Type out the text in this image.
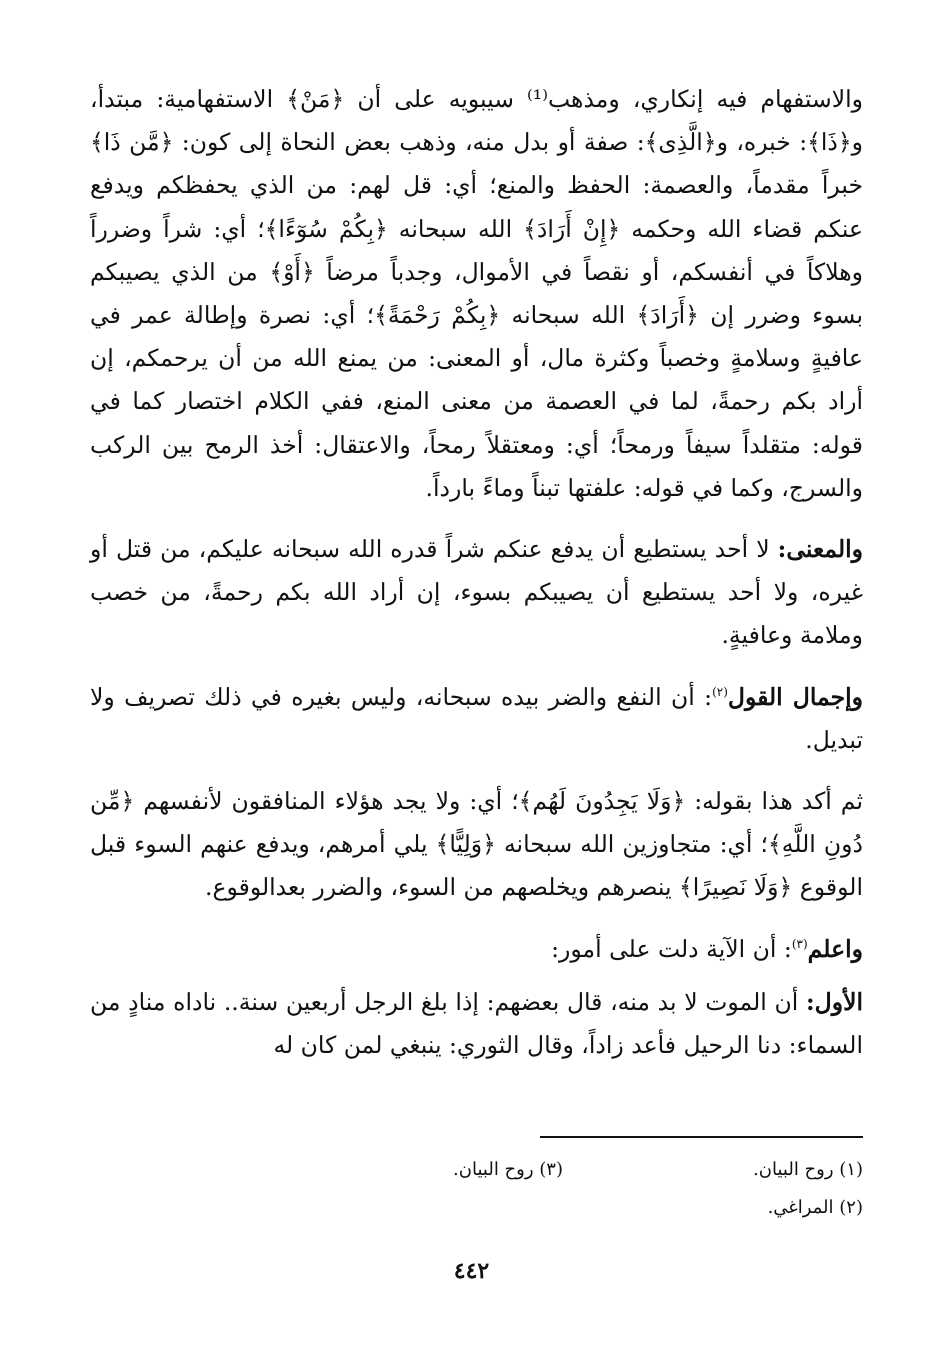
والاستفهام فيه إنكاري، ومذهب⁽¹⁾ سيبويه على أن ﴿مَنْ﴾ الاستفهامية: مبتدأ، و﴿ذَا﴾: خبره، و﴿الَّذِى﴾: صفة أو بدل منه، وذهب بعض النحاة إلى كون: ﴿مَّن ذَا﴾ خبراً مقدماً، والعصمة: الحفظ والمنع؛ أي: قل لهم: من الذي يحفظكم ويدفع عنكم قضاء الله وحكمه ﴿إِنْ أَرَادَ﴾ الله سبحانه ﴿بِكُمْ سُوٓءًا﴾؛ أي: شراً وضرراً وهلاكاً في أنفسكم، أو نقصاً في الأموال، وجدباً مرضاً ﴿أَوْ﴾ من الذي يصيبكم بسوء وضرر إن ﴿أَرَادَ﴾ الله سبحانه ﴿بِكُمْ رَحْمَةً﴾؛ أي: نصرة وإطالة عمر في عافيةٍ وسلامةٍ وخصباً وكثرة مال، أو المعنى: من يمنع الله من أن يرحمكم، إن أراد بكم رحمةً، لما في العصمة من معنى المنع، ففي الكلام اختصار كما في قوله: متقلداً سيفاً ورمحاً؛ أي: ومعتقلاً رمحاً، والاعتقال: أخذ الرمح بين الركب والسرج، وكما في قوله: علفتها تبناً وماءً بارداً.

والمعنى: لا أحد يستطيع أن يدفع عنكم شراً قدره الله سبحانه عليكم، من قتل أو غيره، ولا أحد يستطيع أن يصيبكم بسوء، إن أراد الله بكم رحمةً، من خصب وملامة وعافيةٍ.

وإجمال القول$^{(٢)}$: أن النفع والضر بيده سبحانه، وليس بغيره في ذلك تصريف ولا تبديل.

ثم أكد هذا بقوله: ﴿وَلَا يَجِدُونَ لَهُم﴾؛ أي: ولا يجد هؤلاء المنافقون لأنفسهم ﴿مِّن دُونِ اللَّهِ﴾؛ أي: متجاوزين الله سبحانه ﴿وَلِيًّا﴾ يلي أمرهم، ويدفع عنهم السوء قبل الوقوع ﴿وَلَا نَصِيرًا﴾ ينصرهم ويخلصهم من السوء، والضرر بعدالوقوع.

واعلم$^{(٣)}$: أن الآية دلت على أمور:

الأول: أن الموت لا بد منه، قال بعضهم: إذا بلغ الرجل أربعين سنة.. ناداه منادٍ من السماء: دنا الرحيل فأعد زاداً، وقال الثوري: ينبغي لمن كان له

(١) روح البيان.
(٣) روح البيان.
(٢) المراغي.
٤٤٢
